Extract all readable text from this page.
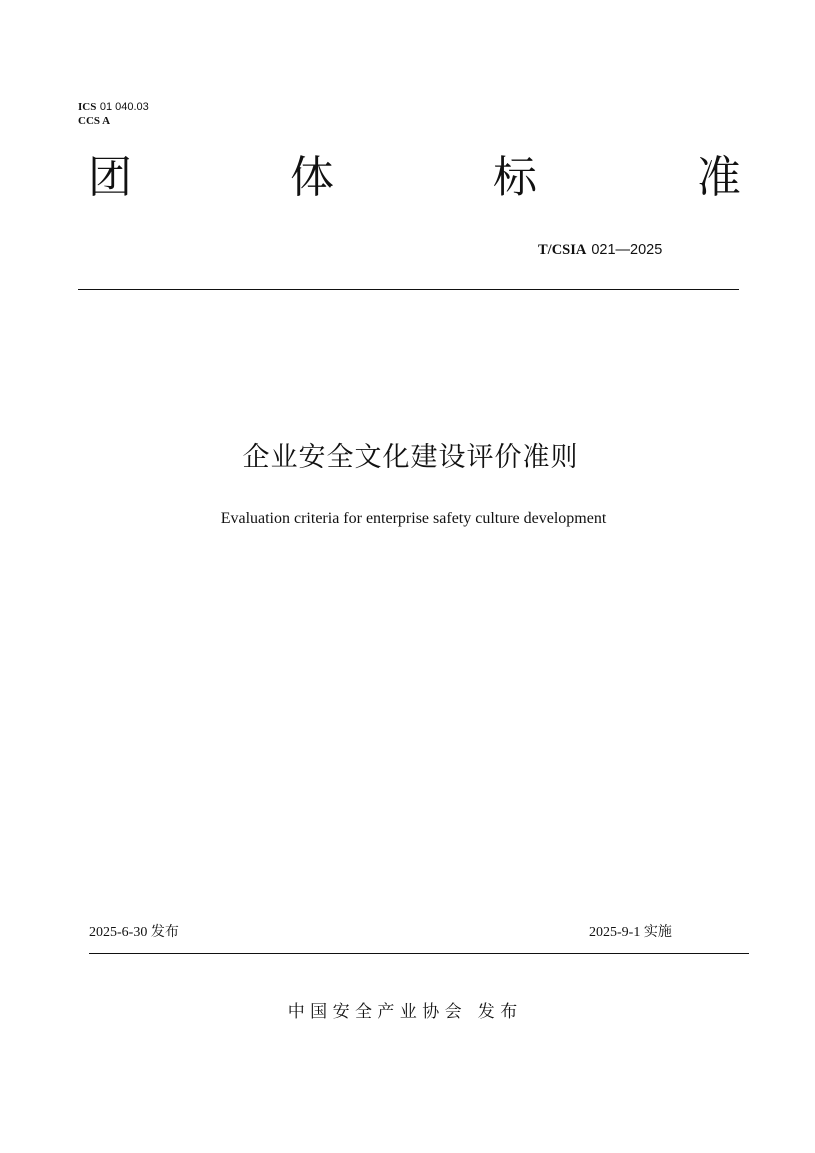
ICS 01 040.03
CCS A
团	体	标	准
T/CSIA 021—2025
企业安全文化建设评价准则
Evaluation criteria for enterprise safety culture development
2025-6-30 发布	2025-9-1 实施
中 国 安 全 产 业 协 会   发 布
